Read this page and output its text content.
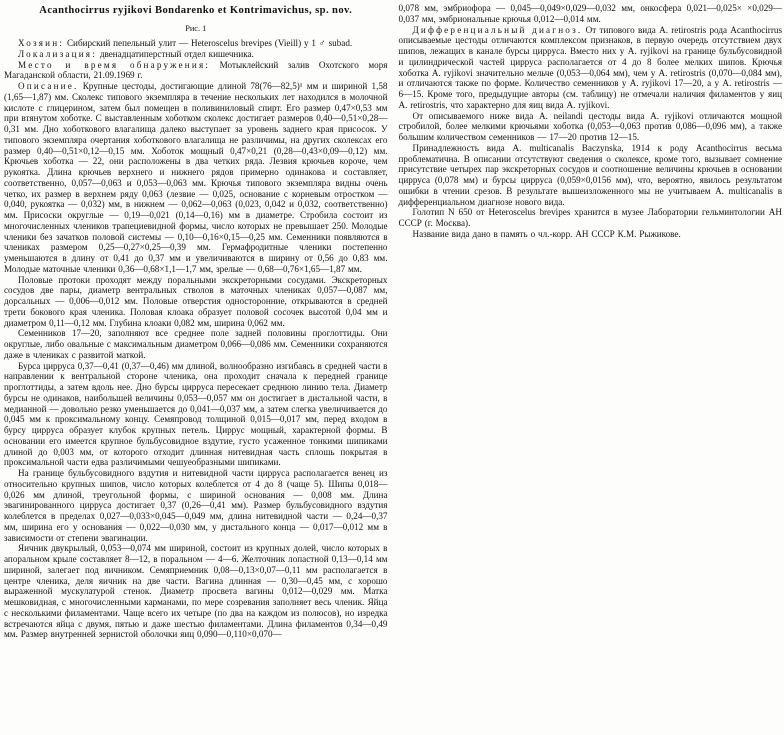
Acanthocirrus ryjikovi Bondarenko et Kontrimavichus, sp. nov.

Рис. 1

Хозяин: Сибирский пепельный улит — Heteroscelus brevipes (Vieill) у 1 ♂ subad.

Локализация: двенадцатиперстный отдел кишечника.

Место и время обнаружения: Мотыклейский залив Охотского моря Магаданской области, 21.09.1969 г.

Описание. Крупные цестоды, достигающие длиной 78(76—82,5)¹ мм и шириной 1,58 (1,65—1,87) мм. Сколекс типового экземпляра в течение нескольких лет находился в молочной кислоте с глицерином, затем был помещен в поливиниловый спирт. Его размер 0,47×0,53 мм при втянутом хоботке. С выставленным хоботком сколекс достигает размеров 0,40—0,51×0,28—0,31 мм. Дно хоботкового влагалища далеко выступает за уровень заднего края присосок. У типового экземпляра очертания хоботкового влагалища не различимы, на других сколексах его размер 0,40—0,51×0,12—0,15 мм. Хоботок мощный 0,47×0,21 (0,28—0,43×0,09—0,12) мм. Крючьев хоботка — 22, они расположены в два четких ряда. Лезвия крючьев короче, чем рукоятка. Длина крючьев верхнего и нижнего рядов примерно одинакова и составляет, соответственно, 0,057—0,063 и 0,053—0,063 мм. Крючья типового экземпляра видны очень четко, их размер в верхнем ряду 0,063 (лезвие — 0,025, основание с корневым отростком — 0,040, рукоятка — 0,032) мм, в нижнем — 0,062—0,063 (0,023, 0,042 и 0,032, соответственно) мм. Присоски округлые — 0,19—0,021 (0,14—0,16) мм в диаметре. Стробила состоит из многочисленных члеников трапециевидной формы, число которых не превышает 250. Молодые членики без зачатков половой системы — 0,10—0,16×0,15—0,25 мм. Семенники появляются в члениках размером 0,25—0,27×0,25—0,39 мм. Гермафродитные членики постепенно уменьшаются в длину от 0,41 до 0,37 мм и увеличиваются в ширину от 0,56 до 0,83 мм. Молодые маточные членики 0,36—0,68×1,1—1,7 мм, зрелые — 0,68—0,76×1,65—1,87 мм.

Половые протоки проходят между поральными экскреторными сосудами. Экскреторных сосудов две пары, диаметр вентральных стволов в маточных члениках 0,057—0,087 мм, дорсальных — 0,006—0,012 мм. Половые отверстия односторонние, открываются в средней трети бокового края членика. Половая клоака образует половой сосочек высотой 0,04 мм и диаметром 0,11—0,12 мм. Глубина клоаки 0,082 мм, ширина 0,062 мм.

Семенников 17—20, заполняют все среднее поле задней половины проглоттиды. Они округлые, либо овальные с максимальным диаметром 0,066—0,086 мм. Семенники сохраняются даже в члениках с развитой маткой.

Бурса цирруса 0,37—0,41 (0,37—0,46) мм длиной, волнообразно изгибаясь в средней части в направлении к вентральной стороне членика, она проходит сначала к передней границе проглоттиды, а затем вдоль нее. Дно бурсы цирруса пересекает среднюю линию тела. Диаметр бурсы не одинаков, наибольшей величины 0,053—0,057 мм он достигает в дистальной части, в медианной — довольно резко уменьшается до 0,041—0,037 мм, а затем слегка увеличивается до 0,045 мм к проксимальному концу. Семяпровод толщиной 0,015—0,017 мм, перед входом в бурсу цирруса образует клубок крупных петель. Циррус мощный, характерной формы. В основании его имеется крупное бульбусовидное вздутие, густо усаженное тонкими шипиками длиной до 0,003 мм, от которого отходит длинная нитевидная часть сплошь покрытая в проксимальной части едва различимыми чешуеобразными шипиками.

На границе бульбусовидного вздутия и нитевидной части цирруса располагается венец из относительно крупных шипов, число которых колеблется от 4 до 8 (чаще 5). Шипы 0,018—0,026 мм длиной, треугольной формы, с шириной основания — 0,008 мм. Длина эвагинированного цирруса достигает 0,37 (0,26—0,41 мм). Размер бульбусовидного вздутия колеблется в пределах 0,027—0,033×0,045—0,049 мм, длина нитевидной части — 0,24—0,37 мм, ширина его у основания — 0,022—0,030 мм, у дистального конца — 0,017—0,012 мм в зависимости от степени эвагинации.

Яичник двукрылый, 0,053—0,074 мм шириной, состоит из крупных долей, число которых в апоральном крыле составляет 8—12, в поральном — 4—6. Желточник лопастной 0,13—0,14 мм шириной, залегает под яичником. Семяприемник 0,08—0,13×0,07—0,11 мм располагается в центре членика, деля яичник на две части. Вагина длинная — 0,30—0,45 мм, с хорошо выраженной мускулатурой стенок. Диаметр просвета вагины 0,012—0,029 мм. Матка мешковидная, с многочисленными карманами, по мере созревания заполняет весь членик. Яйца с несколькими филаментами. Чаще всего их четыре (по два на каждом из полюсов), но изредка встречаются яйца с двумя, пятью и даже шестью филаментами. Длина филаментов 0,34—0,49 мм. Размер внутренней зернистой оболочки яиц 0,090—0,110×0,070—

0,078 мм, эмбриофора — 0,045—0,049×0,029—0,032 мм, онкосфера 0,021—0,025× ×0,029—0,037 мм, эмбриональные крючья 0,012—0,014 мм.

Дифференциальный диагноз. От типового вида A. retirostris рода Acanthocirrus описываемые цестоды отличаются комплексом признаков, в первую очередь отсутствием двух шипов, лежащих в канале бурсы цирруса. Вместо них у A. ryjikovi на границе бульбусовидной и цилиндрической частей цирруса располагается от 4 до 8 более мелких шипов. Крючья хоботка A. ryjikovi значительно мельче (0,053—0,064 мм), чем у A. retirostris (0,070—0,084 мм), и отличаются также по форме. Количество семенников у A. ryjikovi 17—20, а у A. retirostris — 6—15. Кроме того, предыдущие авторы (см. таблицу) не отмечали наличия филаментов у яиц A. retirostris, что характерно для яиц вида A. ryjikovi.

От описываемого ниже вида A. neilandi цестоды вида A. ryjikovi отличаются мощной стробилой, более мелкими крючьями хоботка (0,053—0,063 против 0,086—0,096 мм), а также большим количеством семенников — 17—20 против 12—15.

Принадлежность вида A. multicanalis Baczynska, 1914 к роду Acanthocirrus весьма проблематична. В описании отсутствуют сведения о сколексе, кроме того, вызывает сомнение присутствие четырех пар экскреторных сосудов и соотношение величины крючьев в основании цирруса (0,078 мм) и бурсы цирруса (0,059×0,0156 мм), что, вероятно, явилось результатом ошибки в чтении срезов. В результате вышеизложенного мы не учитываем A. multicanalis в дифференциальном диагнозе нового вида.

Голотип N 650 от Heteroscelus brevipes хранится в музее Лаборатории гельминтологии АН СССР (г. Москва).

Название вида дано в память о чл.-корр. АН СССР К.М. Рыжикове.
